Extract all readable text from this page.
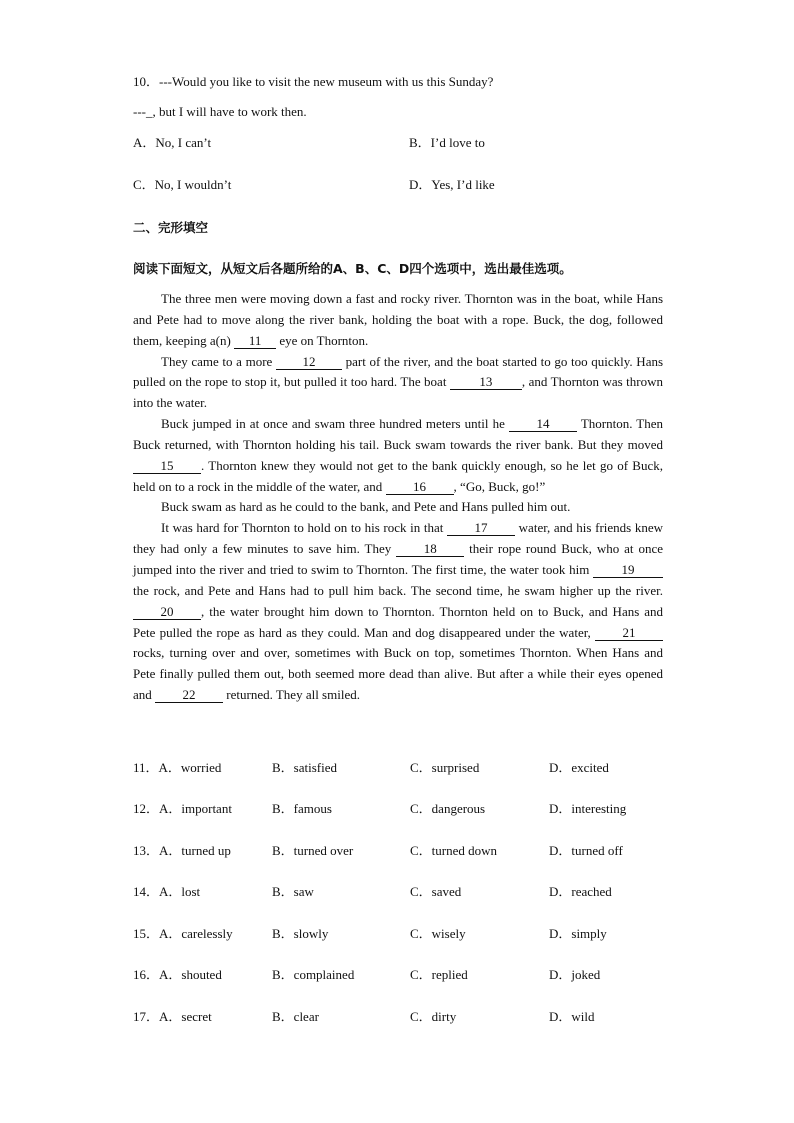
10．---Would you like to visit the new museum with us this Sunday?
---_, but I will have to work then.
A．No, I can’t	B．I’d love to
C．No, I wouldn’t	D．Yes, I’d like
二、完形填空
阅读下面短文，从短文后各题所给的A、B、C、D四个选项中，选出最佳选项。

The three men were moving down a fast and rocky river. Thornton was in the boat, while Hans and Pete had to move along the river bank, holding the boat with a rope. Buck, the dog, followed them, keeping a(n) 11 eye on Thornton.

They came to a more 12 part of the river, and the boat started to go too quickly. Hans pulled on the rope to stop it, but pulled it too hard. The boat	13 , and Thornton was thrown into the water.

Buck jumped in at once and swam three hundred meters until he 14 Thornton. Then Buck returned, with Thornton holding his tail. Buck swam towards the river bank. But they moved 15 . Thornton knew they would not get to the bank quickly enough, so he let go of Buck, held on to a rock in the middle of the water, and 16 , “Go, Buck, go!”

Buck swam as hard as he could to the bank, and Pete and Hans pulled him out.

It was hard for Thornton to hold on to his rock in that 17 water, and his friends knew they had only a few minutes to save him. They 18 their rope round Buck, who at once jumped into the river and tried to swim to Thornton. The first time, the water took him 19 the rock, and Pete and Hans had to pull him back. The second time, he swam higher up the river. 20 , the water brought him down to Thornton. Thornton held on to Buck, and Hans and Pete pulled the rope as hard as they could. Man and dog disappeared under the water, 21 rocks, turning over and over, sometimes with Buck on top, sometimes Thornton. When Hans and Pete finally pulled them out, both seemed more dead than alive. But after a while their eyes opened and 22 returned. They all smiled.

11．A．worried	B．satisfied	C．surprised	D．excited
12．A．important	B．famous	C．dangerous	D．interesting
13．A．turned up	B．turned over	C．turned down	D．turned off
14．A．lost	B．saw	C．saved	D．reached
15．A．carelessly	B．slowly	C．wisely	D．simply
16．A．shouted	B．complained	C．replied	D．joked
17．A．secret	B．clear	C．dirty	D．wild
